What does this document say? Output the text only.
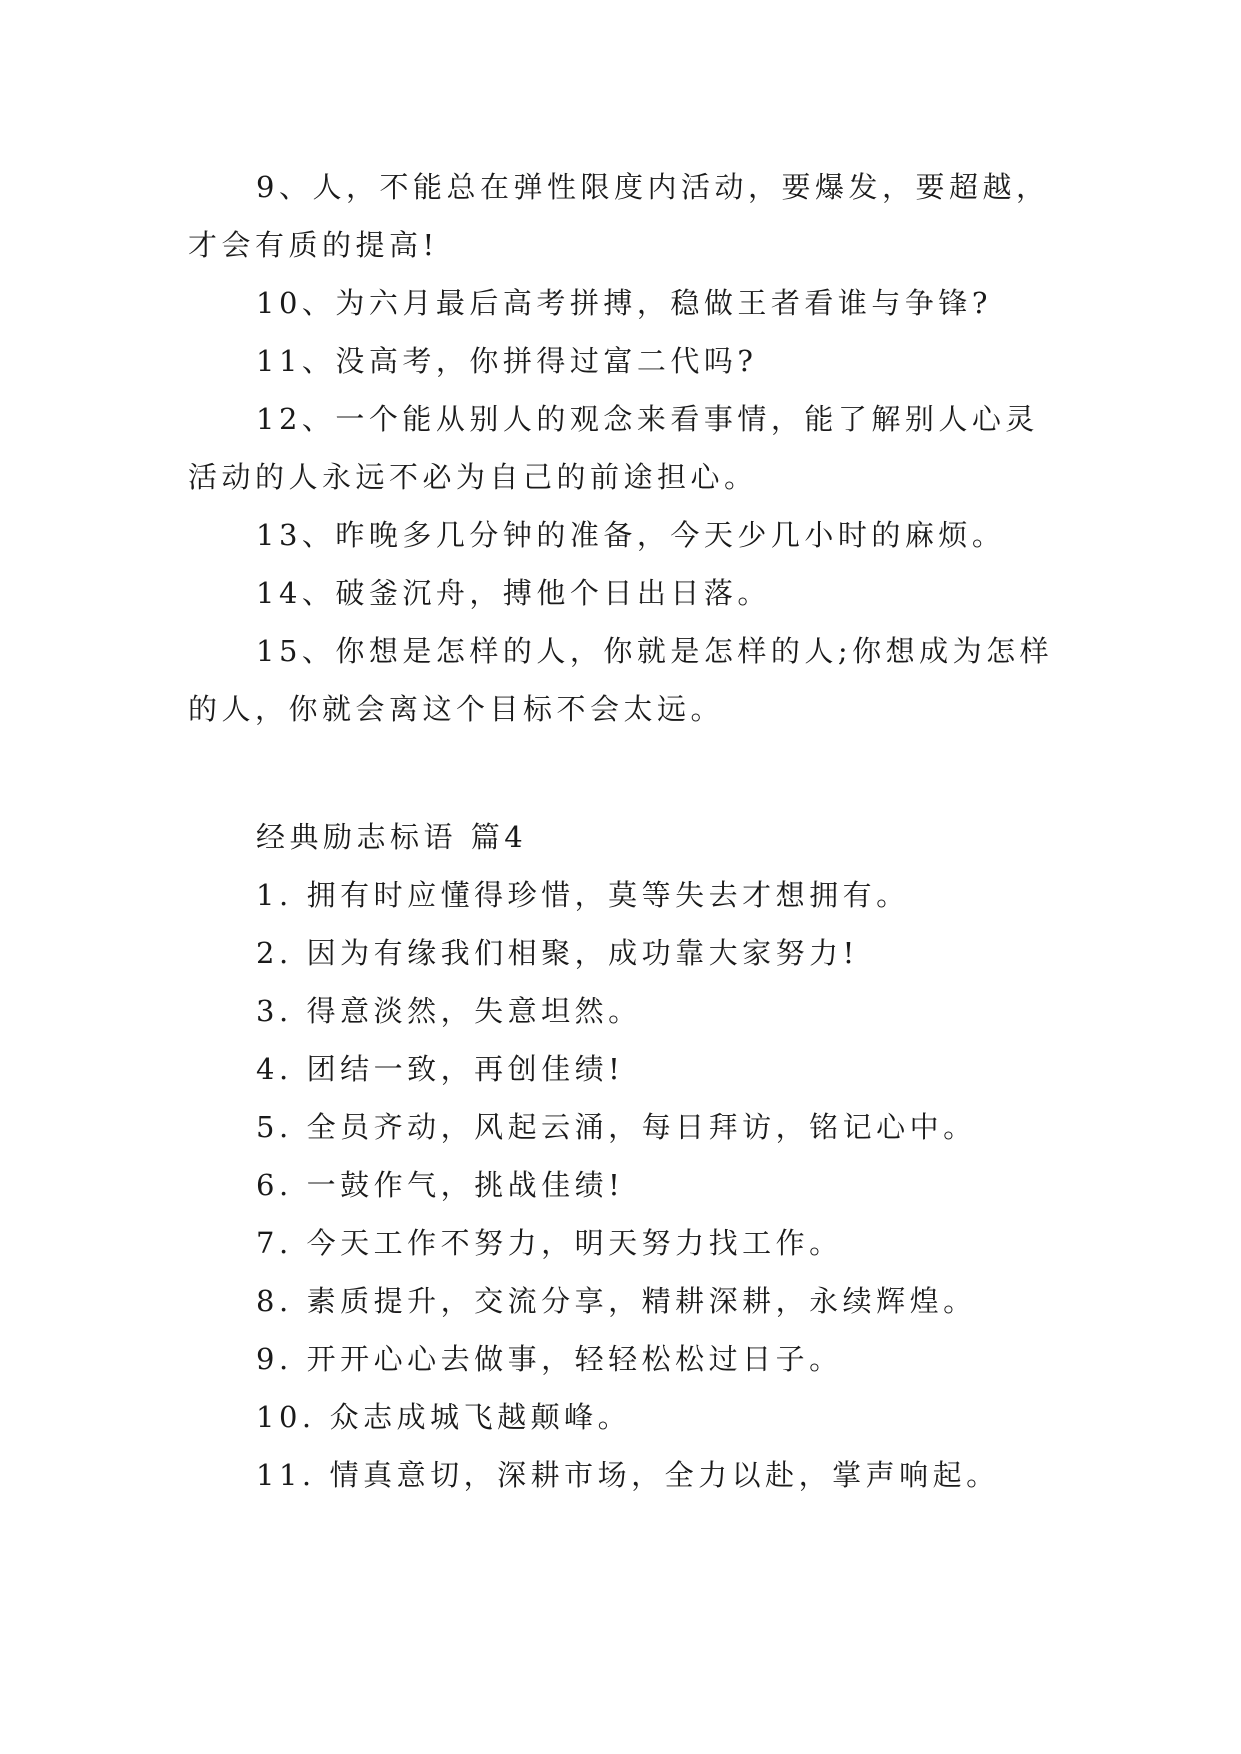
9、人，不能总在弹性限度内活动，要爆发，要超越，才会有质的提高!

10、为六月最后高考拼搏，稳做王者看谁与争锋?

11、没高考，你拼得过富二代吗?

12、一个能从别人的观念来看事情，能了解别人心灵活动的人永远不必为自己的前途担心。

13、昨晚多几分钟的准备，今天少几小时的麻烦。

14、破釜沉舟，搏他个日出日落。

15、你想是怎样的人，你就是怎样的人;你想成为怎样的人，你就会离这个目标不会太远。

经典励志标语 篇4

1. 拥有时应懂得珍惜，莫等失去才想拥有。

2. 因为有缘我们相聚，成功靠大家努力!

3. 得意淡然，失意坦然。

4. 团结一致，再创佳绩!

5. 全员齐动，风起云涌，每日拜访，铭记心中。

6. 一鼓作气，挑战佳绩!

7. 今天工作不努力，明天努力找工作。

8. 素质提升，交流分享，精耕深耕，永续辉煌。

9. 开开心心去做事，轻轻松松过日子。

10. 众志成城飞越颠峰。

11. 情真意切，深耕市场，全力以赴，掌声响起。
